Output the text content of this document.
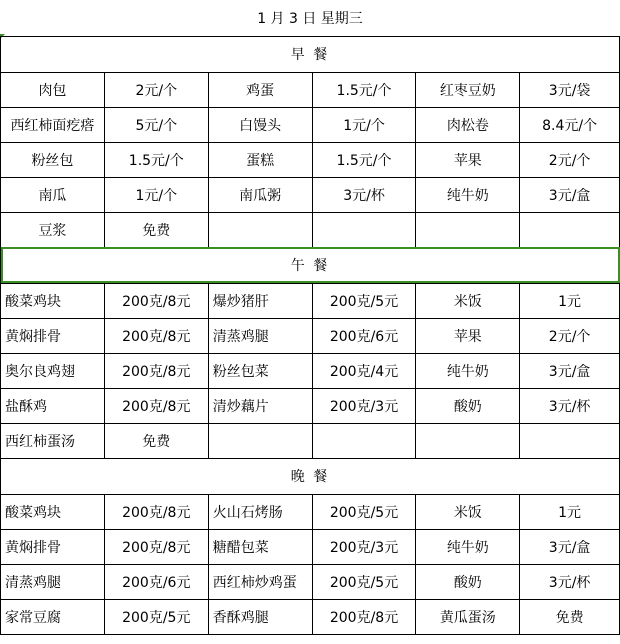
1 月 3 日 星期三					
早 餐					
肉包	2元/个	鸡蛋	1.5元/个	红枣豆奶	3元/袋
西红柿面疙瘩	5元/个	白馒头	1元/个	肉松卷	8.4元/个
粉丝包	1.5元/个	蛋糕	1.5元/个	苹果	2元/个
南瓜	1元/个	南瓜粥	3元/杯	纯牛奶	3元/盒
豆浆	免费				
午 餐					
酸菜鸡块	200克/8元	爆炒猪肝	200克/5元	米饭	1元
黄焖排骨	200克/8元	清蒸鸡腿	200克/6元	苹果	2元/个
奥尔良鸡翅	200克/8元	粉丝包菜	200克/4元	纯牛奶	3元/盒
盐酥鸡	200克/8元	清炒藕片	200克/3元	酸奶	3元/杯
西红柿蛋汤	免费				
晚 餐					
酸菜鸡块	200克/8元	火山石烤肠	200克/5元	米饭	1元
黄焖排骨	200克/8元	糖醋包菜	200克/3元	纯牛奶	3元/盒
清蒸鸡腿	200克/6元	西红柿炒鸡蛋	200克/5元	酸奶	3元/杯
家常豆腐	200克/5元	香酥鸡腿	200克/8元	黄瓜蛋汤	免费
